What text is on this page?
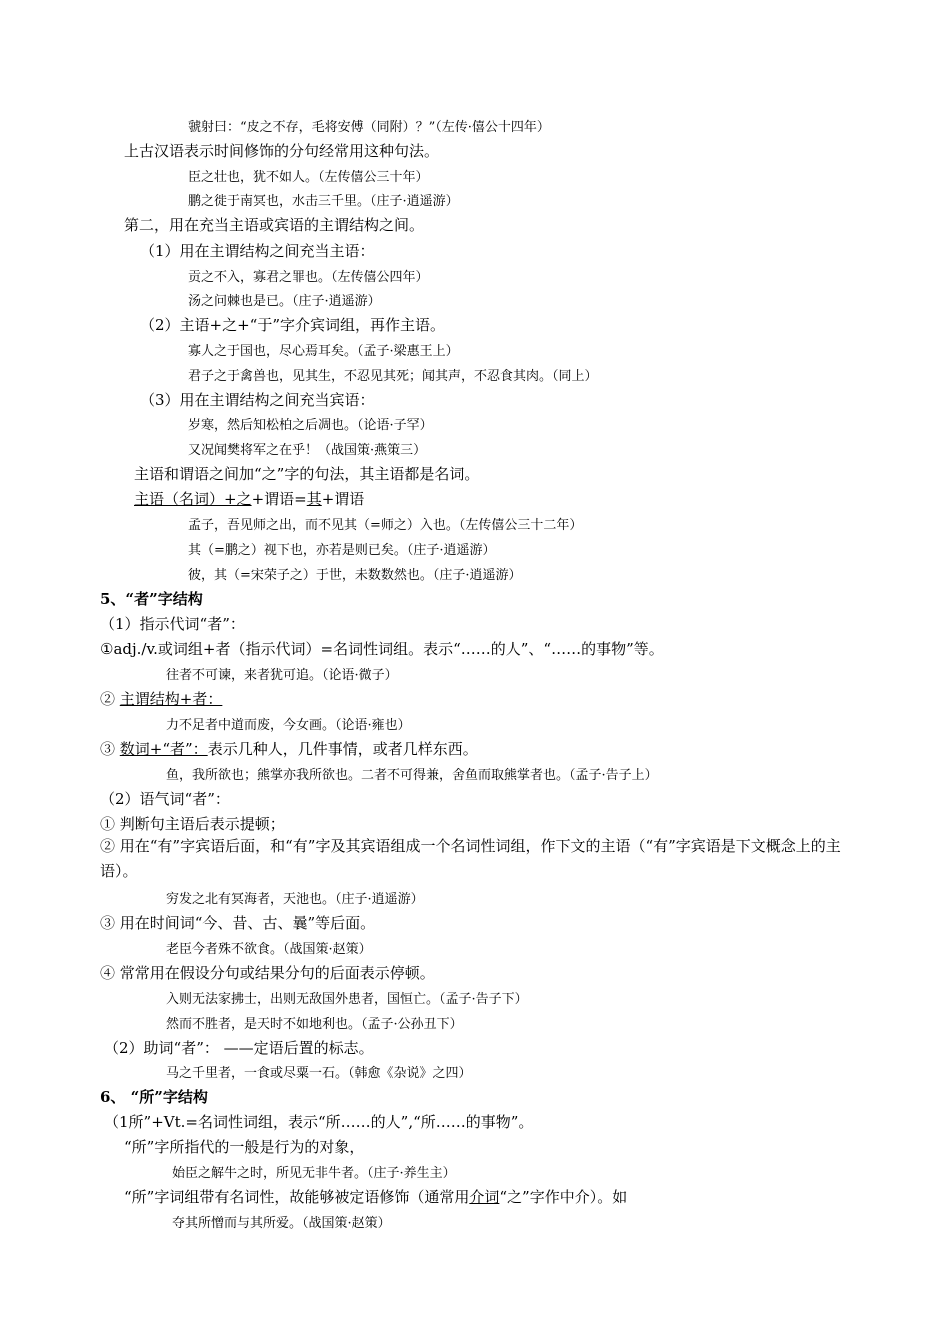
虢射曰：“皮之不存，毛将安傅（同附）？”（左传·僖公十四年）
上古汉语表示时间修饰的分句经常用这种句法。
臣之壮也，犹不如人。（左传僖公三十年）
鹏之徙于南冥也，水击三千里。（庄子·逍遥游）
第二，用在充当主语或宾语的主谓结构之间。
（1）用在主谓结构之间充当主语：
贡之不入，寡君之罪也。（左传僖公四年）
汤之问棘也是已。（庄子·逍遥游）
（2）主语+之+“于”字介宾词组，再作主语。
寡人之于国也，尽心焉耳矣。（孟子·梁惠王上）
君子之于禽兽也，见其生，不忍见其死；闻其声，不忍食其肉。（同上）
（3）用在主谓结构之间充当宾语：
岁寒，然后知松柏之后凋也。（论语·子罕）
又况闻樊将军之在乎！（战国策·燕策三）
主语和谓语之间加“之”字的句法，其主语都是名词。
主语（名词）+之+谓语=其+谓语
孟子，吾见师之出，而不见其（=师之）入也。（左传僖公三十二年）
其（=鹏之）视下也，亦若是则已矣。（庄子·逍遥游）
彼，其（=宋荣子之）于世，未数数然也。（庄子·逍遥游）
5、“者”字结构
（1）指示代词“者”：
①adj./v.或词组+者（指示代词）=名词性词组。表示“……的人”、“……的事物”等。
往者不可谏，来者犹可追。（论语·微子）
② 主谓结构+者：
力不足者中道而废，今女画。（论语·雍也）
③ 数词+“者”：表示几种人，几件事情，或者几样东西。
鱼，我所欲也；熊掌亦我所欲也。二者不可得兼，舍鱼而取熊掌者也。（孟子·告子上）
（2）语气词“者”：
① 判断句主语后表示提顿；
② 用在“有”字宾语后面，和“有”字及其宾语组成一个名词性词组，作下文的主语（“有”字宾语是下文概念上的主语）。
穷发之北有冥海者，天池也。（庄子·逍遥游）
③ 用在时间词“今、昔、古、曩”等后面。
老臣今者殊不欲食。（战国策·赵策）
④ 常常用在假设分句或结果分句的后面表示停顿。
入则无法家拂士，出则无敌国外患者，国恒亡。（孟子·告子下）
然而不胜者，是天时不如地利也。（孟子·公孙丑下）
（2）助词“者”： ——定语后置的标志。
马之千里者，一食或尽粟一石。（韩愈《杂说》之四）
6、 “所”字结构
（1所”+Vt.=名词性词组，表示“所……的人”,“所……的事物”。
“所”字所指代的一般是行为的对象，
始臣之解牛之时，所见无非牛者。（庄子·养生主）
“所”字词组带有名词性，故能够被定语修饰（通常用介词“之”字作中介）。如
夺其所憎而与其所爱。（战国策·赵策）
